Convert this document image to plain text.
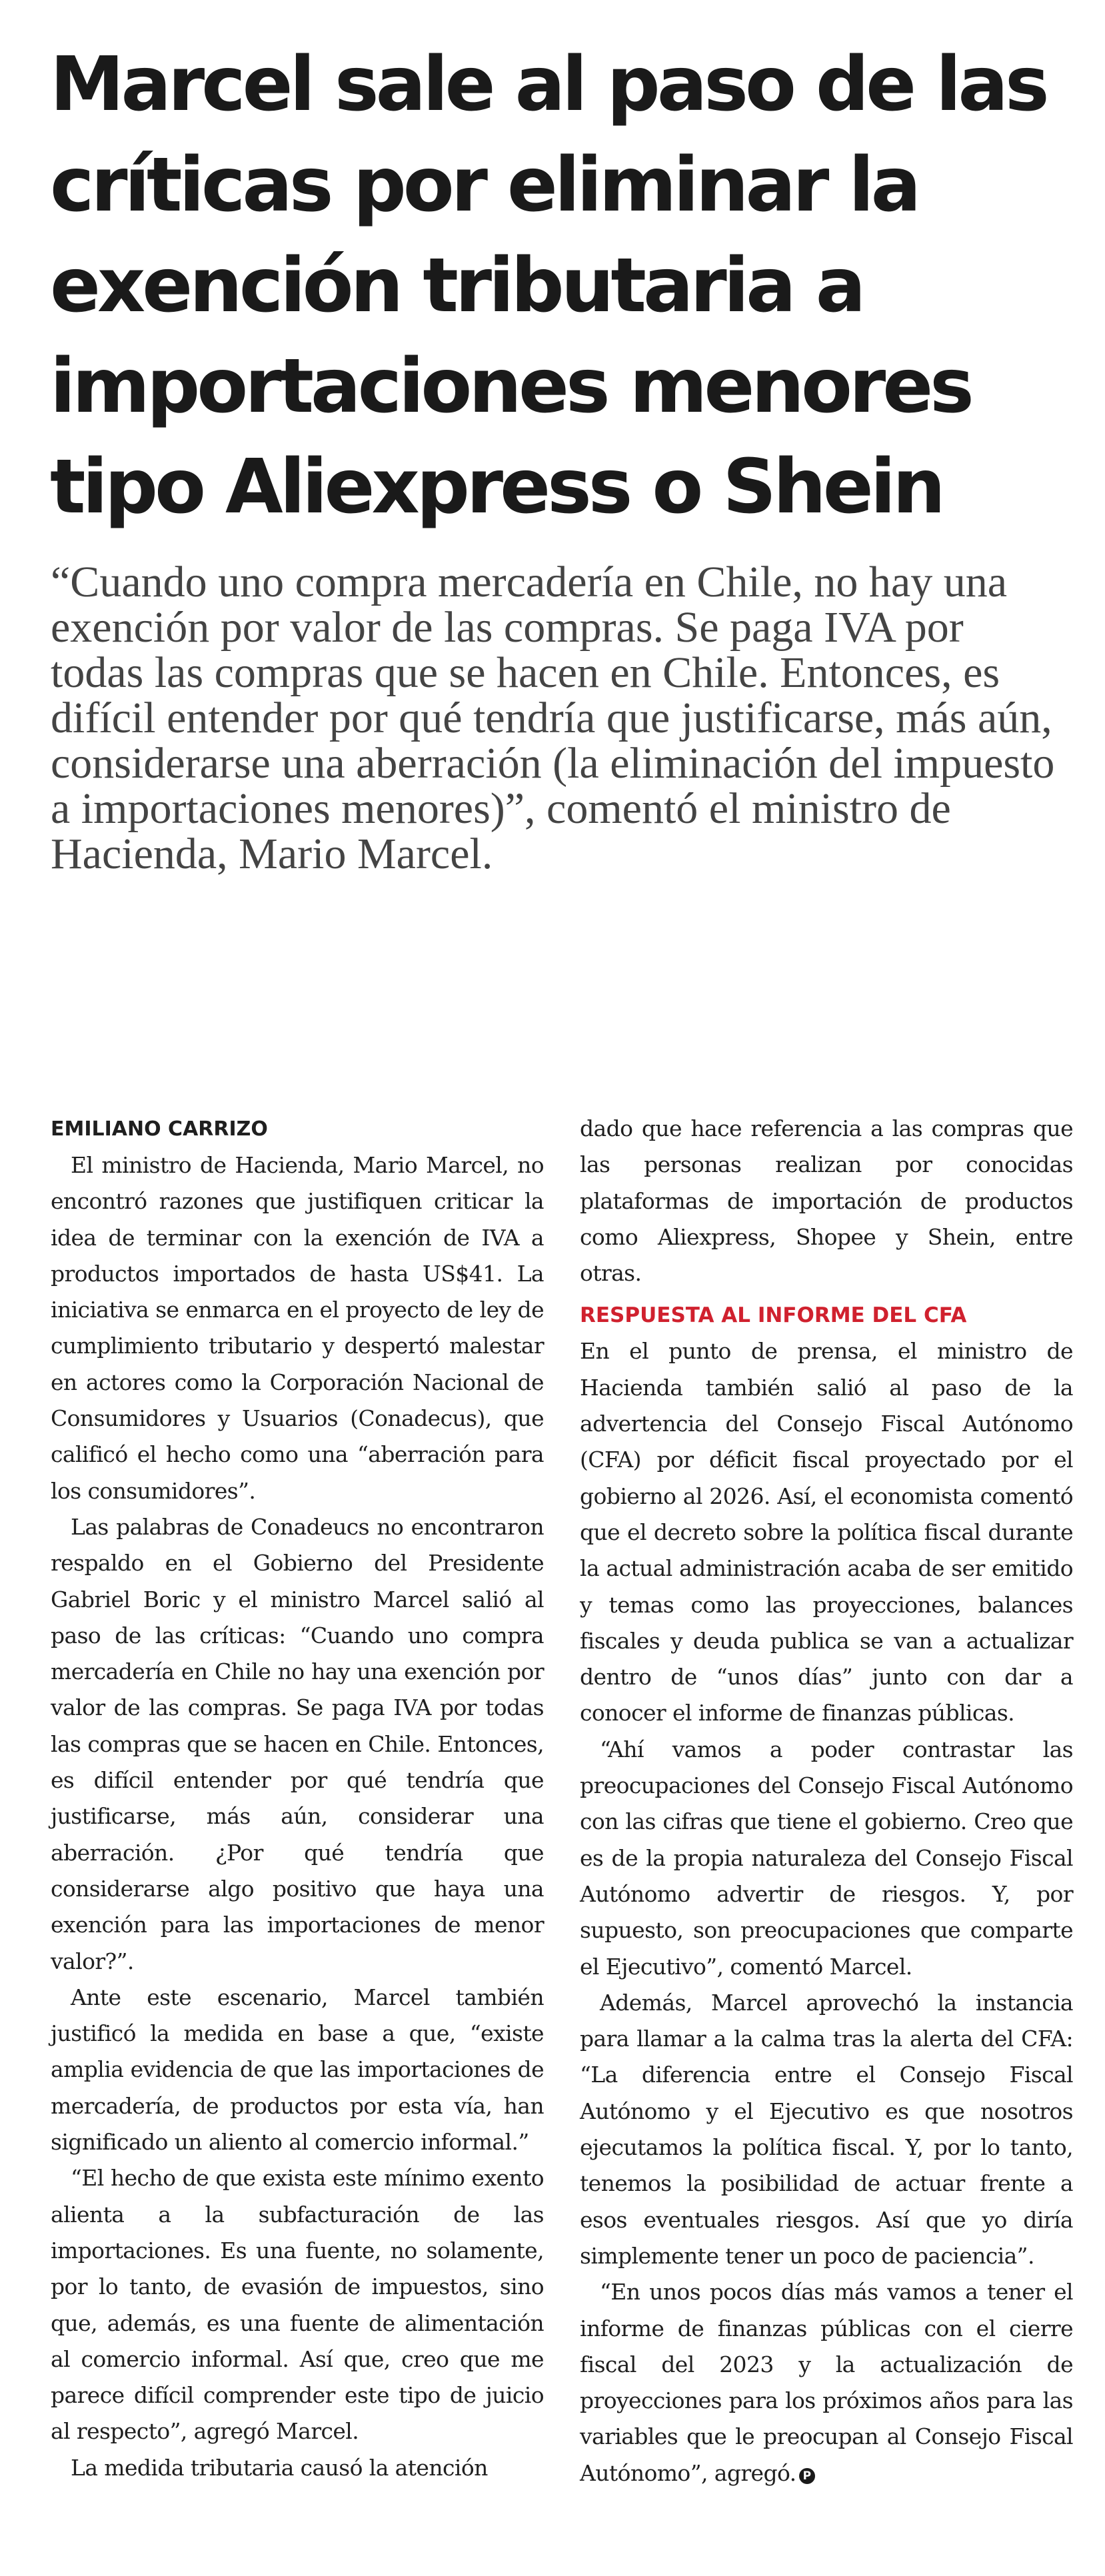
Marcel sale al paso de las críticas por eliminar la exención tributaria a importaciones menores tipo Aliexpress o Shein

“Cuando uno compra mercadería en Chile, no hay una exención por valor de las compras. Se paga IVA por todas las compras que se hacen en Chile. Entonces, es difícil entender por qué tendría que justificarse, más aún, considerarse una aberración (la eliminación del impuesto a importaciones menores)”, comentó el ministro de Hacienda, Mario Marcel.

EMILIANO CARRIZO

El ministro de Hacienda, Mario Marcel, no encontró razones que justifiquen criticar la idea de terminar con la exención de IVA a productos importados de hasta US$41. La iniciativa se enmarca en el proyecto de ley de cumplimiento tributario y despertó malestar en actores como la Corporación Nacional de Consumidores y Usuarios (Conadecus), que calificó el hecho como una “aberración para los consumidores”.

Las palabras de Conadeucs no encontraron respaldo en el Gobierno del Presidente Gabriel Boric y el ministro Marcel salió al paso de las críticas: “Cuando uno compra mercadería en Chile no hay una exención por valor de las compras. Se paga IVA por todas las compras que se hacen en Chile. Entonces, es difícil entender por qué tendría que justificarse, más aún, considerar una aberración. ¿Por qué tendría que considerarse algo positivo que haya una exención para las importaciones de menor valor?”.

Ante este escenario, Marcel también justificó la medida en base a que, “existe amplia evidencia de que las importaciones de mercadería, de productos por esta vía, han significado un aliento al comercio informal.”

“El hecho de que exista este mínimo exento alienta a la subfacturación de las importaciones. Es una fuente, no solamente, por lo tanto, de evasión de impuestos, sino que, además, es una fuente de alimentación al comercio informal. Así que, creo que me parece difícil comprender este tipo de juicio al respecto”, agregó Marcel.

La medida tributaria causó la atención

dado que hace referencia a las compras que las personas realizan por conocidas plataformas de importación de productos como Aliexpress, Shopee y Shein, entre otras.

RESPUESTA AL INFORME DEL CFA

En el punto de prensa, el ministro de Hacienda también salió al paso de la advertencia del Consejo Fiscal Autónomo (CFA) por déficit fiscal proyectado por el gobierno al 2026. Así, el economista comentó que el decreto sobre la política fiscal durante la actual administración acaba de ser emitido y temas como las proyecciones, balances fiscales y deuda publica se van a actualizar dentro de “unos días” junto con dar a conocer el informe de finanzas públicas.

“Ahí vamos a poder contrastar las preocupaciones del Consejo Fiscal Autónomo con las cifras que tiene el gobierno. Creo que es de la propia naturaleza del Consejo Fiscal Autónomo advertir de riesgos. Y, por supuesto, son preocupaciones que comparte el Ejecutivo”, comentó Marcel.

Además, Marcel aprovechó la instancia para llamar a la calma tras la alerta del CFA: “La diferencia entre el Consejo Fiscal Autónomo y el Ejecutivo es que nosotros ejecutamos la política fiscal. Y, por lo tanto, tenemos la posibilidad de actuar frente a esos eventuales riesgos. Así que yo diría simplemente tener un poco de paciencia”.

“En unos pocos días más vamos a tener el informe de finanzas públicas con el cierre fiscal del 2023 y la actualización de proyecciones para los próximos años para las variables que le preocupan al Consejo Fiscal Autónomo”, agregó. P
